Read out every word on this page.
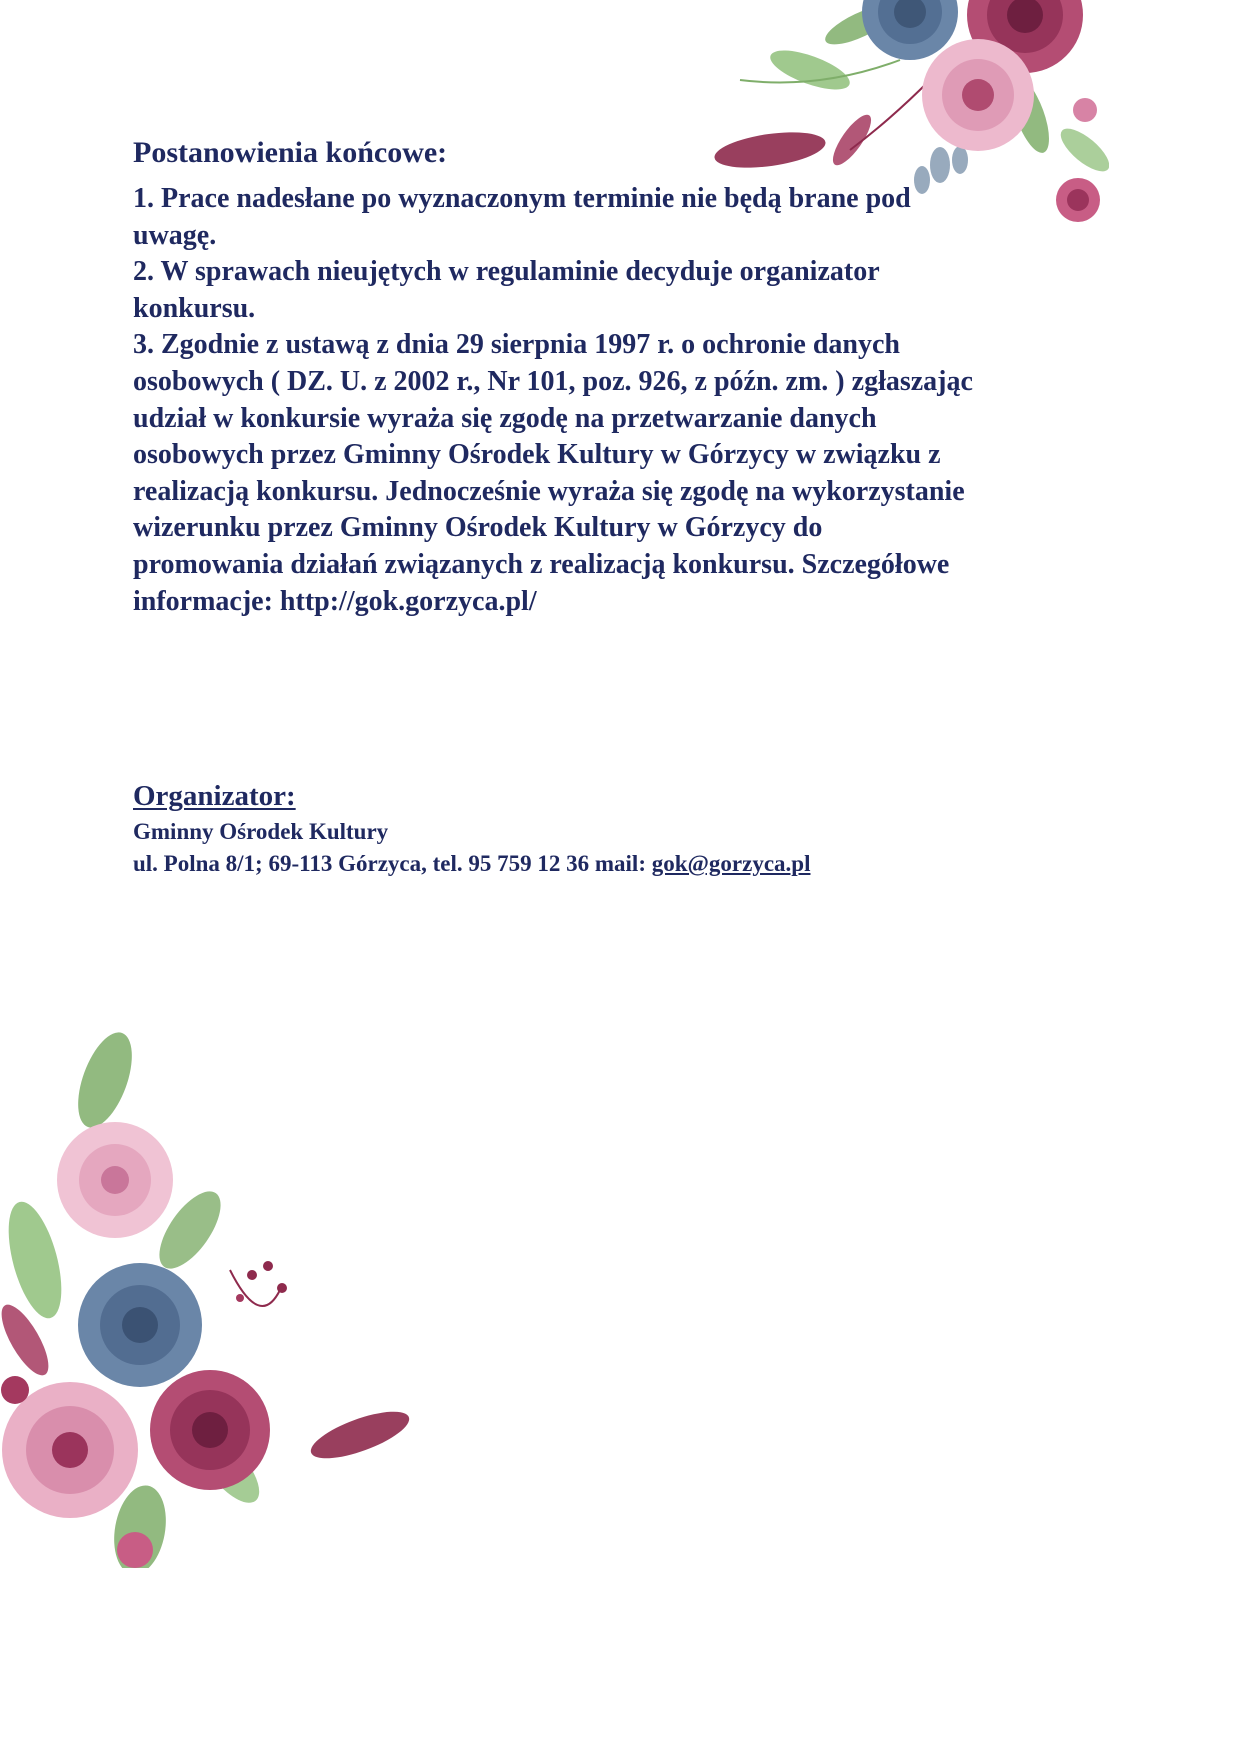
Postanowienia końcowe:
1. Prace nadesłane po wyznaczonym terminie nie będą brane pod uwagę.
2. W sprawach nieujętych w regulaminie decyduje organizator konkursu.
3. Zgodnie z ustawą z dnia 29 sierpnia 1997 r. o ochronie danych osobowych ( DZ. U. z 2002 r., Nr 101, poz. 926, z późn. zm. ) zgłaszając udział w konkursie wyraża się zgodę na przetwarzanie danych osobowych przez Gminny Ośrodek Kultury w Górzycy w związku z realizacją konkursu. Jednocześnie wyraża się zgodę na wykorzystanie wizerunku przez Gminny Ośrodek Kultury w Górzycy do promowania działań związanych z realizacją konkursu. Szczegółowe informacje: http://gok.gorzyca.pl/
Organizator:
Gminny Ośrodek Kultury
ul. Polna 8/1; 69-113 Górzyca, tel. 95 759 12 36 mail: gok@gorzyca.pl
